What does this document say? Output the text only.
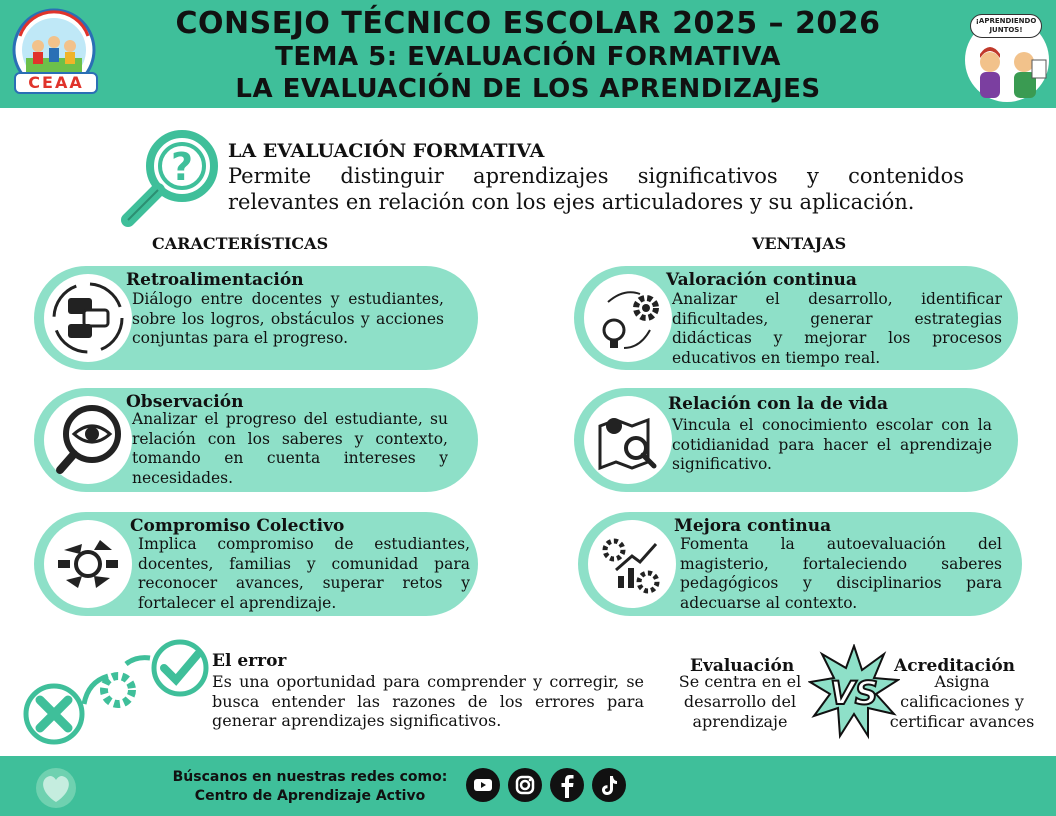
CEAA
CONSEJO TÉCNICO ESCOLAR 2025 – 2026
TEMA 5: EVALUACIÓN FORMATIVA
LA EVALUACIÓN DE LOS APRENDIZAJES
¡APRENDIENDO JUNTOS!
? LA EVALUACIÓN FORMATIVA
Permite distinguir aprendizajes significativos y contenidos
relevantes en relación con los ejes articuladores y su aplicación.
CARACTERÍSTICAS	VENTAJAS
Retroalimentación
Diálogo entre docentes y estudiantes, sobre los logros, obstáculos y acciones conjuntas para el progreso.
Observación
Analizar el progreso del estudiante, su relación con los saberes y contexto, tomando en cuenta intereses y necesidades.
Compromiso Colectivo
Implica compromiso de estudiantes, docentes, familias y comunidad para reconocer avances, superar retos y fortalecer el aprendizaje.
Valoración continua
Analizar el desarrollo, identificar dificultades, generar estrategias didácticas y mejorar los procesos educativos en tiempo real.
Relación con la de vida
Vincula el conocimiento escolar con la cotidianidad para hacer el aprendizaje significativo.
Mejora continua
Fomenta la autoevaluación del magisterio, fortaleciendo saberes pedagógicos y disciplinarios para adecuarse al contexto.
El error
Es una oportunidad para comprender y corregir, se busca entender las razones de los errores para generar aprendizajes significativos.
Evaluación
Se centra en el desarrollo del aprendizaje
VS
Acreditación
Asigna calificaciones y certificar avances
Búscanos en nuestras redes como:
Centro de Aprendizaje Activo
